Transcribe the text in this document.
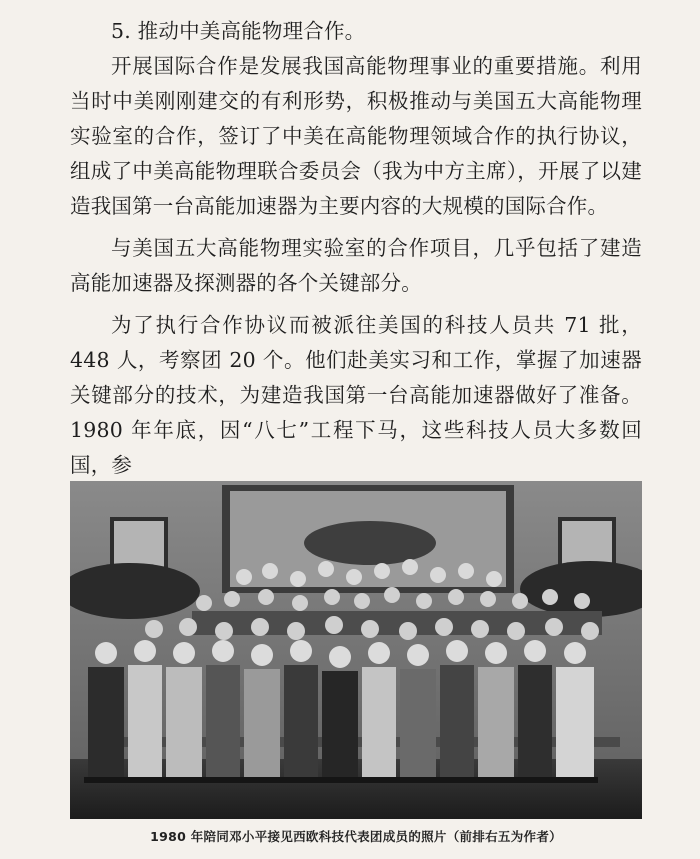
5. 推动中美高能物理合作。

开展国际合作是发展我国高能物理事业的重要措施。利用当时中美刚刚建交的有利形势，积极推动与美国五大高能物理实验室的合作，签订了中美在高能物理领域合作的执行协议，组成了中美高能物理联合委员会（我为中方主席），开展了以建造我国第一台高能加速器为主要内容的大规模的国际合作。

与美国五大高能物理实验室的合作项目，几乎包括了建造高能加速器及探测器的各个关键部分。

为了执行合作协议而被派往美国的科技人员共 71 批，448 人，考察团 20 个。他们赴美实习和工作，掌握了加速器关键部分的技术，为建造我国第一台高能加速器做好了准备。1980 年年底，因“八七”工程下马，这些科技人员大多数回国，参

1980 年陪同邓小平接见西欧科技代表团成员的照片（前排右五为作者）
